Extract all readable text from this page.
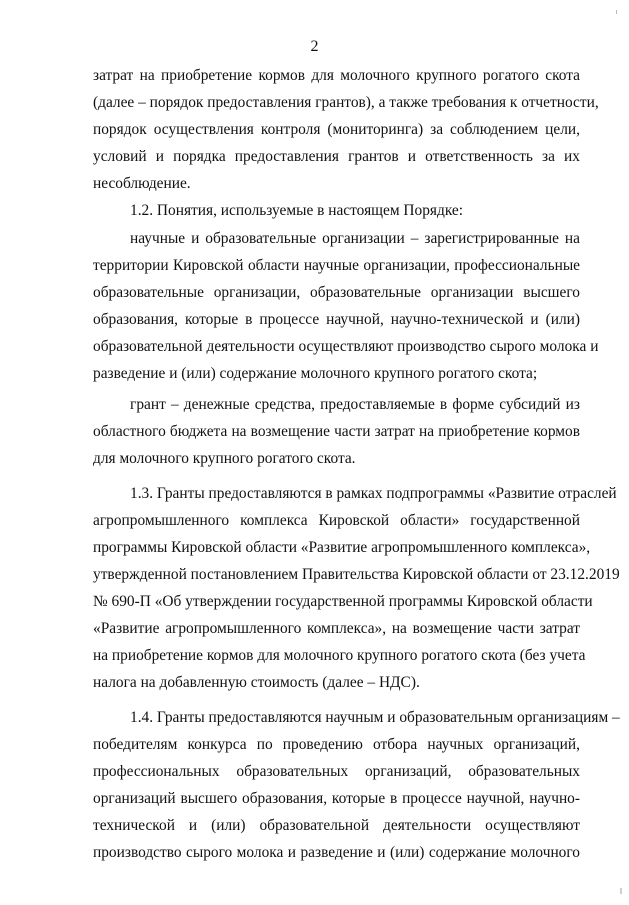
2
затрат на приобретение кормов для молочного крупного рогатого скота
(далее – порядок предоставления грантов), а также требования к отчетности,
порядок осуществления контроля (мониторинга) за соблюдением цели,
условий и порядка предоставления грантов и ответственность за их
несоблюдение.
1.2. Понятия, используемые в настоящем Порядке:
научные и образовательные организации – зарегистрированные на
территории Кировской области научные организации, профессиональные
образовательные организации, образовательные организации высшего
образования, которые в процессе научной, научно-технической и (или)
образовательной деятельности осуществляют производство сырого молока и
разведение и (или) содержание молочного крупного рогатого скота;
грант – денежные средства, предоставляемые в форме субсидий из
областного бюджета на возмещение части затрат на приобретение кормов
для молочного крупного рогатого скота.
1.3. Гранты предоставляются в рамках подпрограммы «Развитие отраслей
агропромышленного комплекса Кировской области» государственной
программы Кировской области «Развитие агропромышленного комплекса»,
утвержденной постановлением Правительства Кировской области от 23.12.2019
№ 690-П «Об утверждении государственной программы Кировской области
«Развитие агропромышленного комплекса», на возмещение части затрат
на приобретение кормов для молочного крупного рогатого скота (без учета
налога на добавленную стоимость (далее – НДС).
1.4. Гранты предоставляются научным и образовательным организациям –
победителям конкурса по проведению отбора научных организаций,
профессиональных образовательных организаций, образовательных
организаций высшего образования, которые в процессе научной, научно-
технической и (или) образовательной деятельности осуществляют
производство сырого молока и разведение и (или) содержание молочного
